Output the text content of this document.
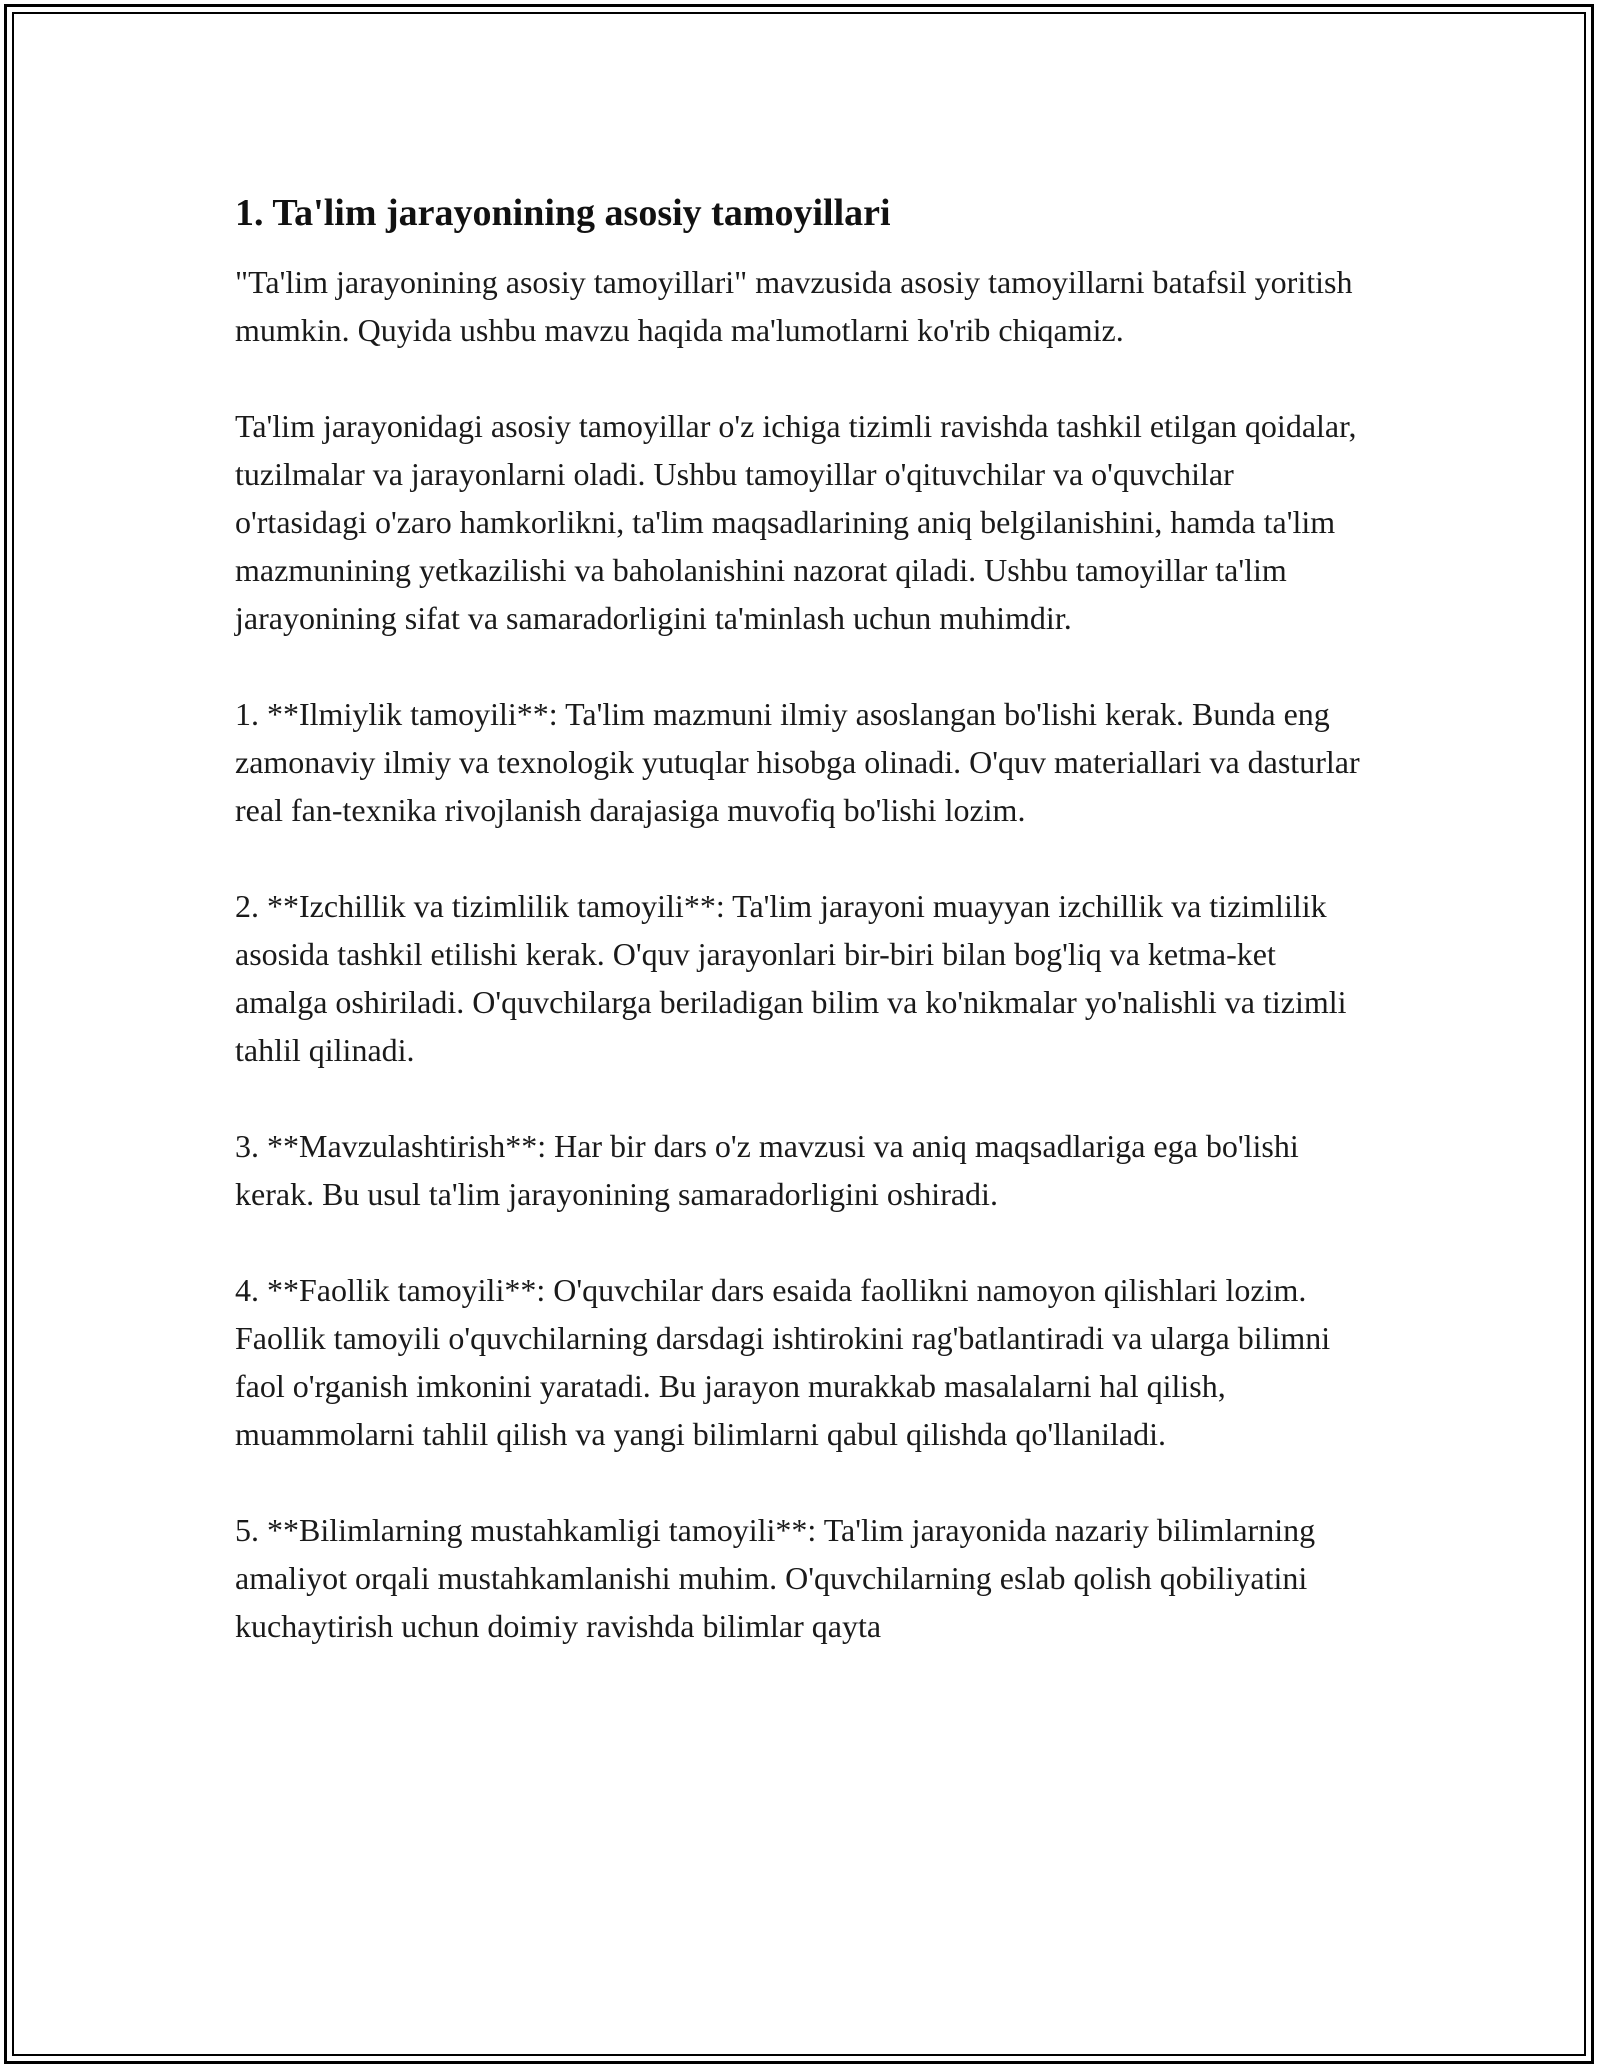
1. Ta'lim jarayonining asosiy tamoyillari

"Ta'lim jarayonining asosiy tamoyillari" mavzusida asosiy tamoyillarni batafsil yoritish mumkin. Quyida ushbu mavzu haqida ma'lumotlarni ko'rib chiqamiz.

Ta'lim jarayonidagi asosiy tamoyillar o'z ichiga tizimli ravishda tashkil etilgan qoidalar, tuzilmalar va jarayonlarni oladi. Ushbu tamoyillar o'qituvchilar va o'quvchilar o'rtasidagi o'zaro hamkorlikni, ta'lim maqsadlarining aniq belgilanishini, hamda ta'lim mazmunining yetkazilishi va baholanishini nazorat qiladi. Ushbu tamoyillar ta'lim jarayonining sifat va samaradorligini ta'minlash uchun muhimdir.

1. **Ilmiylik tamoyili**: Ta'lim mazmuni ilmiy asoslangan bo'lishi kerak. Bunda eng zamonaviy ilmiy va texnologik yutuqlar hisobga olinadi. O'quv materiallari va dasturlar real fan-texnika rivojlanish darajasiga muvofiq bo'lishi lozim.

2. **Izchillik va tizimlilik tamoyili**: Ta'lim jarayoni muayyan izchillik va tizimlilik asosida tashkil etilishi kerak. O'quv jarayonlari bir-biri bilan bog'liq va ketma-ket amalga oshiriladi. O'quvchilarga beriladigan bilim va ko'nikmalar yo'nalishli va tizimli tahlil qilinadi.

3. **Mavzulashtirish**: Har bir dars o'z mavzusi va aniq maqsadlariga ega bo'lishi kerak. Bu usul ta'lim jarayonining samaradorligini oshiradi.

4. **Faollik tamoyili**: O'quvchilar dars esaida faollikni namoyon qilishlari lozim. Faollik tamoyili o'quvchilarning darsdagi ishtirokini rag'batlantiradi va ularga bilimni faol o'rganish imkonini yaratadi. Bu jarayon murakkab masalalarni hal qilish, muammolarni tahlil qilish va yangi bilimlarni qabul qilishda qo'llaniladi.

5. **Bilimlarning mustahkamligi tamoyili**: Ta'lim jarayonida nazariy bilimlarning amaliyot orqali mustahkamlanishi muhim. O'quvchilarning eslab qolish qobiliyatini kuchaytirish uchun doimiy ravishda bilimlar qayta
